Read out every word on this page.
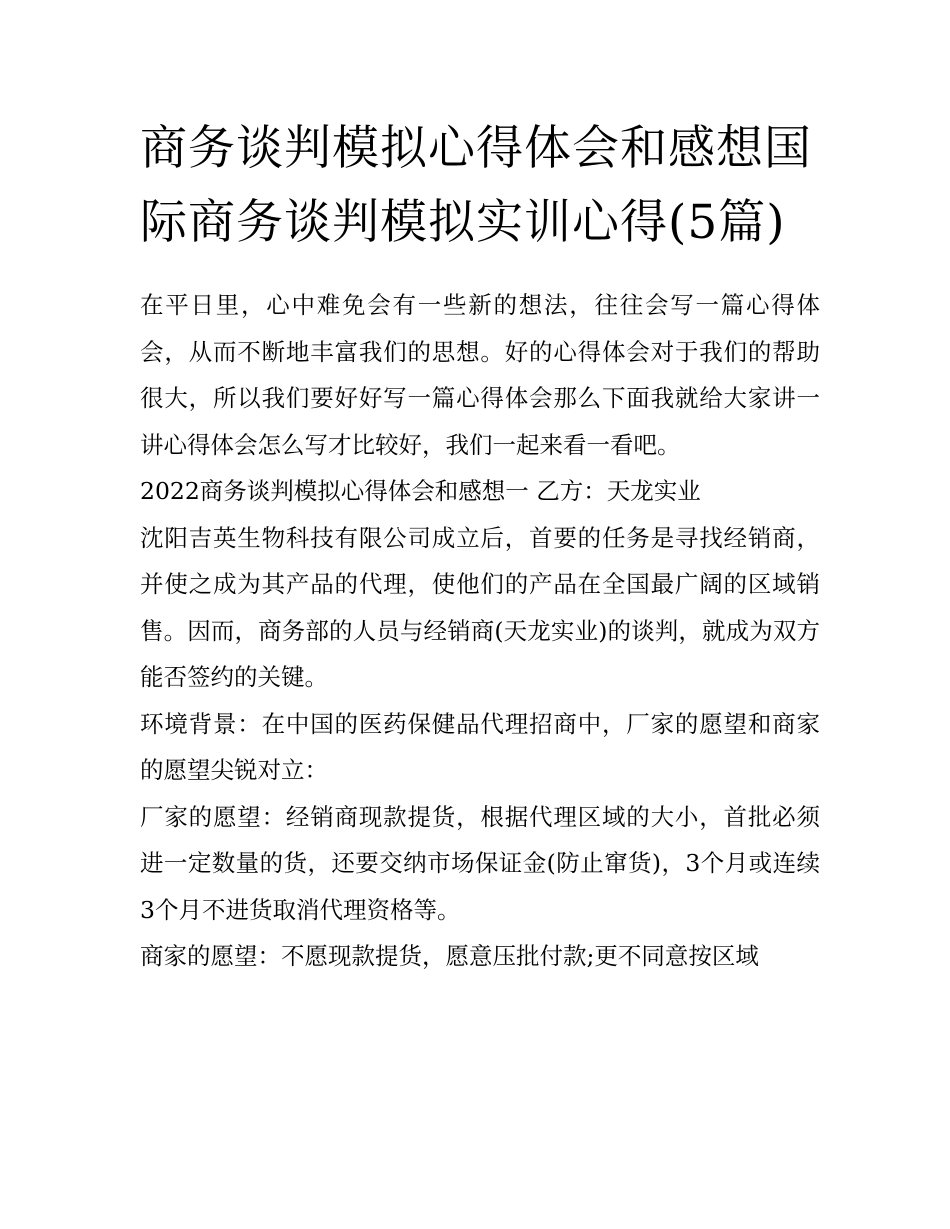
商务谈判模拟心得体会和感想国际商务谈判模拟实训心得(5篇)

在平日里，心中难免会有一些新的想法，往往会写一篇心得体会，从而不断地丰富我们的思想。好的心得体会对于我们的帮助很大，所以我们要好好写一篇心得体会那么下面我就给大家讲一讲心得体会怎么写才比较好，我们一起来看一看吧。

2022商务谈判模拟心得体会和感想一 乙方：天龙实业

沈阳吉英生物科技有限公司成立后，首要的任务是寻找经销商，并使之成为其产品的代理，使他们的产品在全国最广阔的区域销售。因而，商务部的人员与经销商(天龙实业)的谈判，就成为双方能否签约的关键。

环境背景：在中国的医药保健品代理招商中，厂家的愿望和商家的愿望尖锐对立：

厂家的愿望：经销商现款提货，根据代理区域的大小，首批必须进一定数量的货，还要交纳市场保证金(防止窜货)，3个月或连续3个月不进货取消代理资格等。

商家的愿望：不愿现款提货，愿意压批付款;更不同意按区域
